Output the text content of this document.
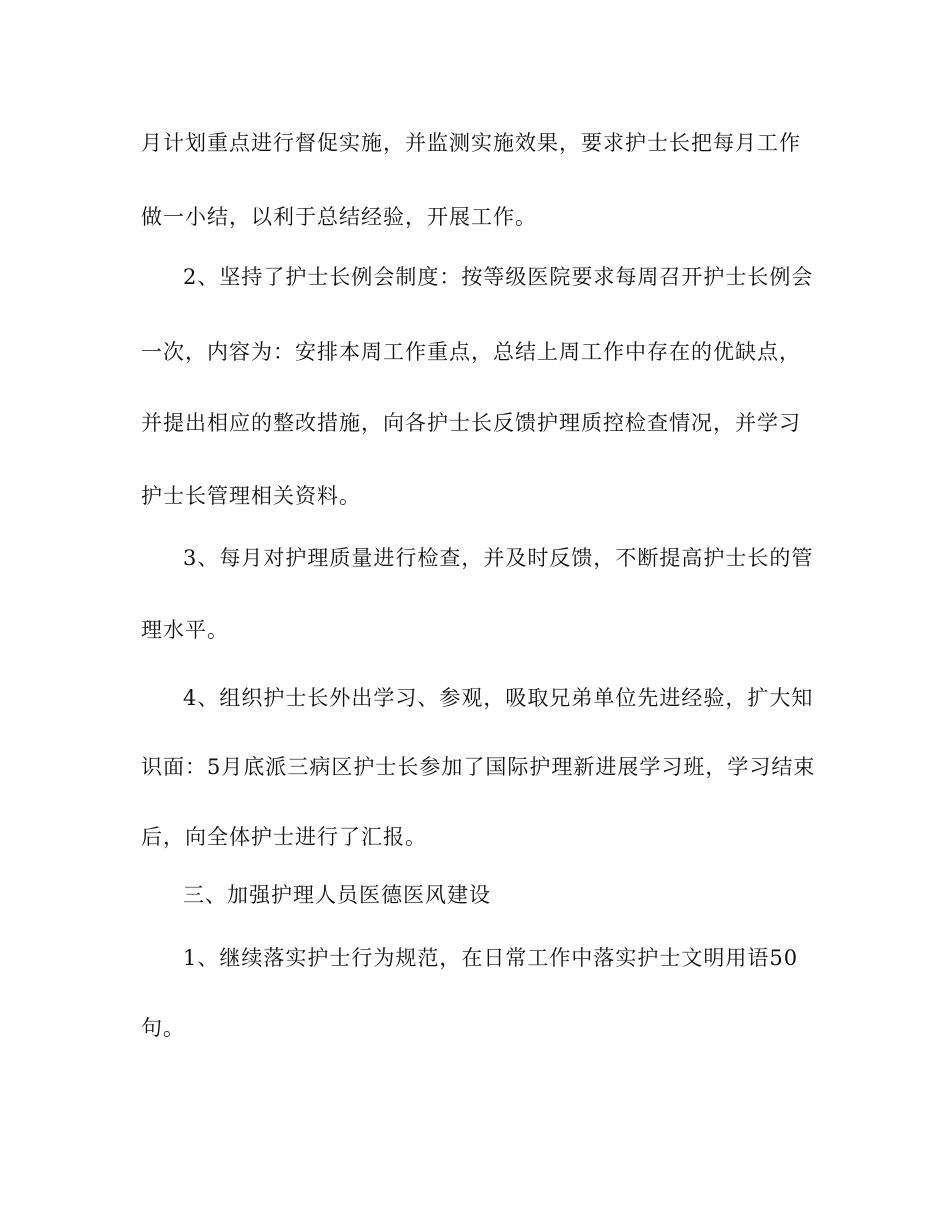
月计划重点进行督促实施，并监测实施效果，要求护士长把每月工作
做一小结，以利于总结经验，开展工作。
2、坚持了护士长例会制度：按等级医院要求每周召开护士长例会
一次，内容为：安排本周工作重点，总结上周工作中存在的优缺点，
并提出相应的整改措施，向各护士长反馈护理质控检查情况，并学习
护士长管理相关资料。
3、每月对护理质量进行检查，并及时反馈，不断提高护士长的管
理水平。
4、组织护士长外出学习、参观，吸取兄弟单位先进经验，扩大知
识面：5月底派三病区护士长参加了国际护理新进展学习班，学习结束
后，向全体护士进行了汇报。
三、加强护理人员医德医风建设
1、继续落实护士行为规范，在日常工作中落实护士文明用语50
句。
